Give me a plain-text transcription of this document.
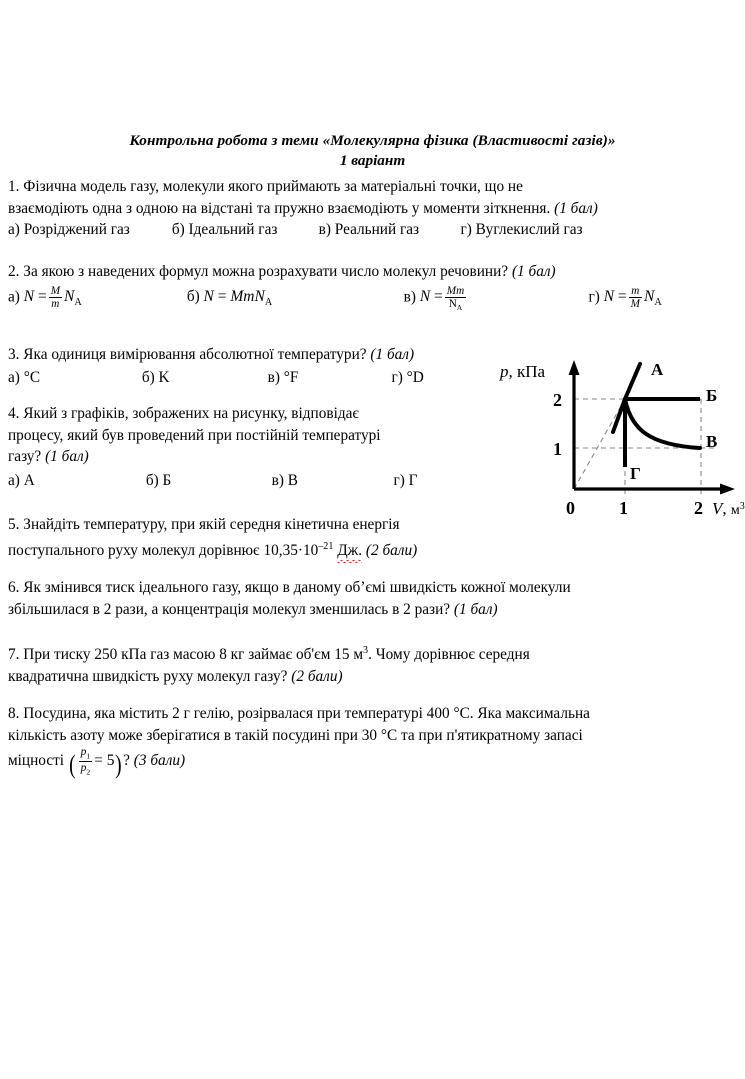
Контрольна робота з теми «Молекулярна фізика (Властивості газів)»
1 варіант
1. Фізична модель газу, молекули якого приймають за матеріальні точки, що не
взаємодіють одна з одною на відстані та пружно взаємодіють у моменти зіткнення. (1 бал)
а) Розріджений газ	б) Ідеальний газ	в) Реальний газ	г) Вуглекислий газ
2. За якою з наведених формул можна розрахувати число молекул речовини? (1 бал)
а) $N = \frac{M}{m} N_A$	б) N = MmN$_A$	в) $N = \frac{Mm}{N_A}$	г) $N = \frac{m}{M} N_A$
3. Яка одиниця вимірювання абсолютної температури? (1 бал)
а) °C	б) K	в) °F	г) °D
4. Який з графіків, зображених на рисунку, відповідає
процесу, який був проведений при постійній температурі
газу? (1 бал)
а) А	б) Б	в) В	г) Г
А
Б
В
Г
2
1
0 1	2
p, кПа
V, $м^3$
5. Знайдіть температуру, при якій середня кінетична енергія
поступального руху молекул дорівнює $10,35\cdot 10^{-21}$ Дж. (2 бали)
6. Як змінився тиск ідеального газу, якщо в даному об’ємі швидкість кожної молекули
збільшилася в 2 рази, а концентрація молекул зменшилась в 2 рази? (1 бал)
7. При тиску 250 кПа газ масою 8 кг займає об'єм 15 $м^3$. Чому дорівнює середня
квадратична швидкість руху молекул газу? (2 бали)
8. Посудина, яка містить 2 г гелію, розірвалася при температурі 400 °C. Яка максимальна
кількість азоту може зберігатися в такій посудині при 30 °C та при п'ятикратному запасі
міцності ( $\frac{p_1}{p_2} = 5$)? (3 бали)
